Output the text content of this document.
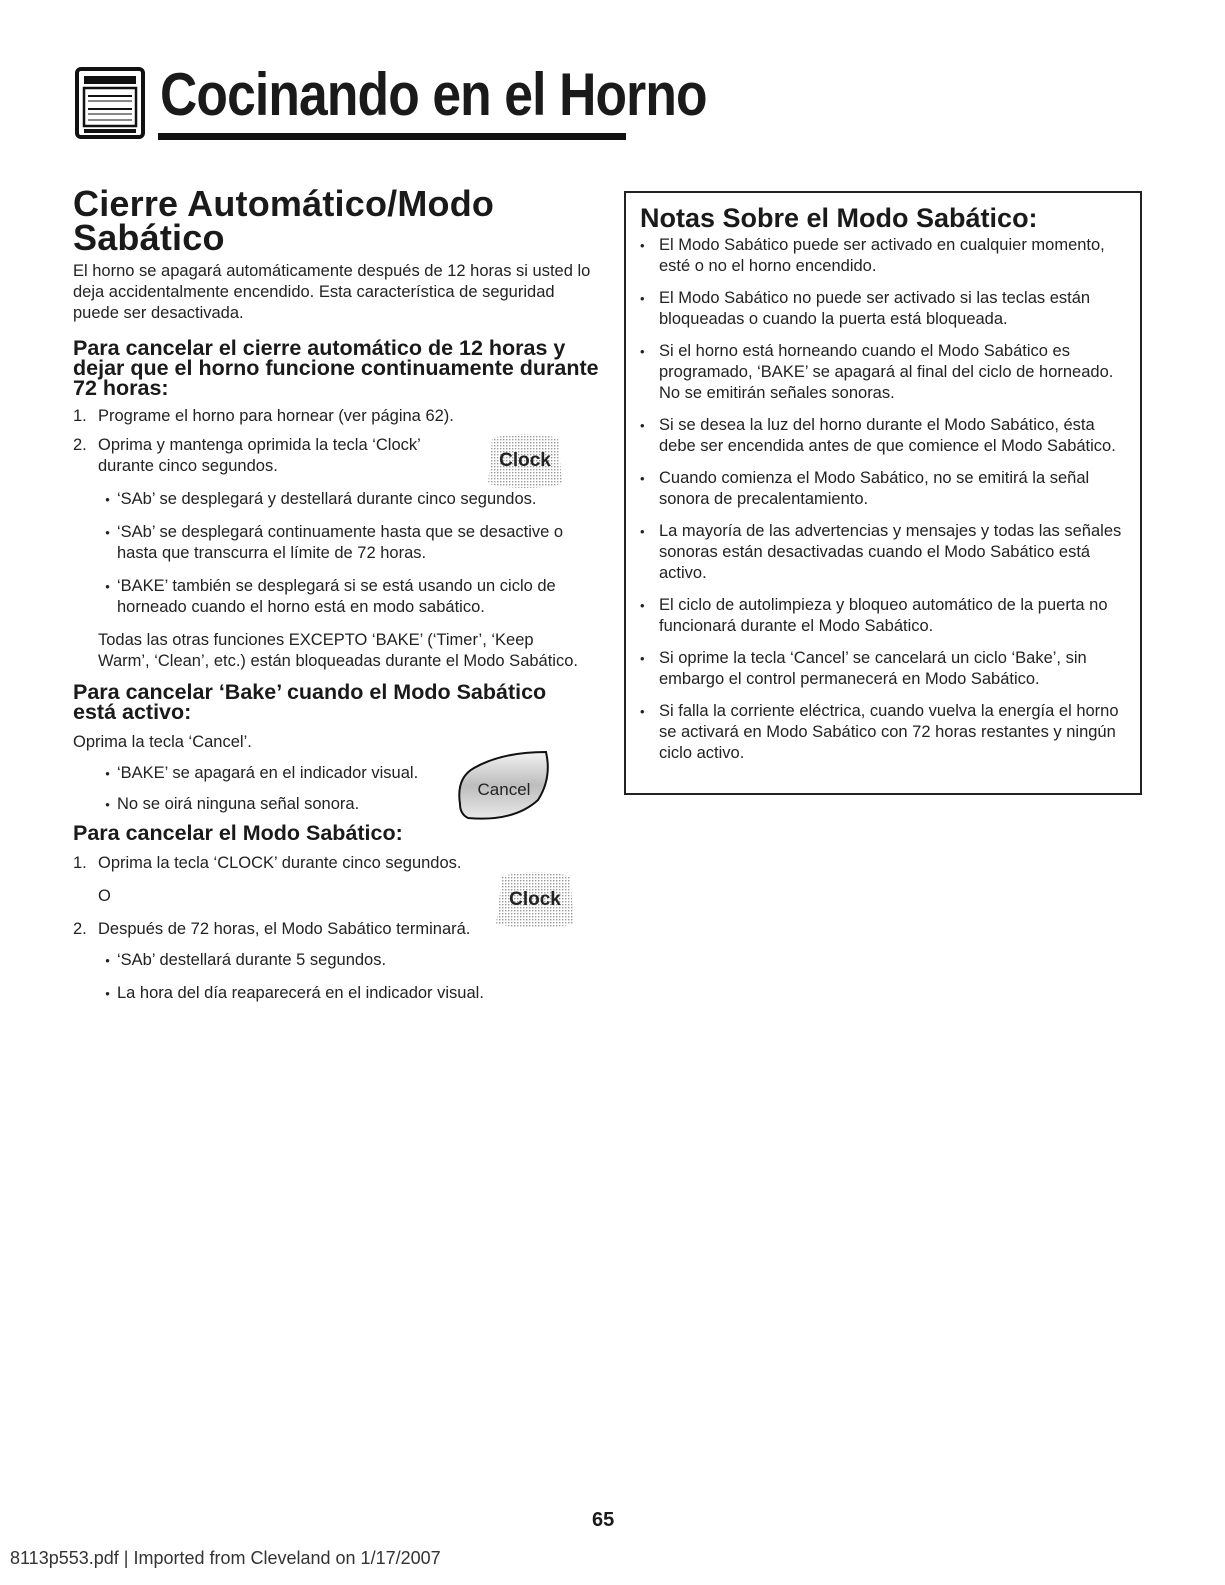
Cocinando en el Horno
Cierre Automático/Modo
Sabático

El horno se apagará automáticamente después de 12 horas si usted lo deja accidentalmente encendido. Esta característica de seguridad puede ser desactivada.

Para cancelar el cierre automático de 12 horas y dejar que el horno funcione continuamente durante 72 horas:
1. Programe el horno para hornear (ver página 62).
2. Oprima y mantenga oprimida la tecla ‘Clock’ durante cinco segundos.
• ‘SAb’ se desplegará y destellará durante cinco segundos.
• ‘SAb’ se desplegará continuamente hasta que se desactive o hasta que transcurra el límite de 72 horas.
• ‘BAKE’ también se desplegará si se está usando un ciclo de horneado cuando el horno está en modo sabático.

Todas las otras funciones EXCEPTO ‘BAKE’ (‘Timer’, ‘Keep Warm’, ‘Clean’, etc.) están bloqueadas durante el Modo Sabático.

Para cancelar ‘Bake’ cuando el Modo Sabático está activo:

Oprima la tecla ‘Cancel’.

• ‘BAKE’ se apagará en el indicador visual.
• No se oirá ninguna señal sonora.
Para cancelar el Modo Sabático:
1. Oprima la tecla ‘CLOCK’ durante cinco segundos.

O

2. Después de 72 horas, el Modo Sabático terminará.
• ‘SAb’ destellará durante 5 segundos.
• La hora del día reaparecerá en el indicador visual.
Clock
Cancel
Clock
Notas Sobre el Modo Sabático:
• El Modo Sabático puede ser activado en cualquier momento, esté o no el horno encendido.
• El Modo Sabático no puede ser activado si las teclas están bloqueadas o cuando la puerta está bloqueada.
• Si el horno está horneando cuando el Modo Sabático es programado, ‘BAKE’ se apagará al final del ciclo de horneado. No se emitirán señales sonoras.
• Si se desea la luz del horno durante el Modo Sabático, ésta debe ser encendida antes de que comience el Modo Sabático.
• Cuando comienza el Modo Sabático, no se emitirá la señal sonora de precalentamiento.
• La mayoría de las advertencias y mensajes y todas las señales sonoras están desactivadas cuando el Modo Sabático está activo.
• El ciclo de autolimpieza y bloqueo automático de la puerta no funcionará durante el Modo Sabático.
• Si oprime la tecla ‘Cancel’ se cancelará un ciclo ‘Bake’, sin embargo el control permanecerá en Modo Sabático.
• Si falla la corriente eléctrica, cuando vuelva la energía el horno se activará en Modo Sabático con 72 horas restantes y ningún ciclo activo.
65
8113p553.pdf | Imported from Cleveland on 1/17/2007
